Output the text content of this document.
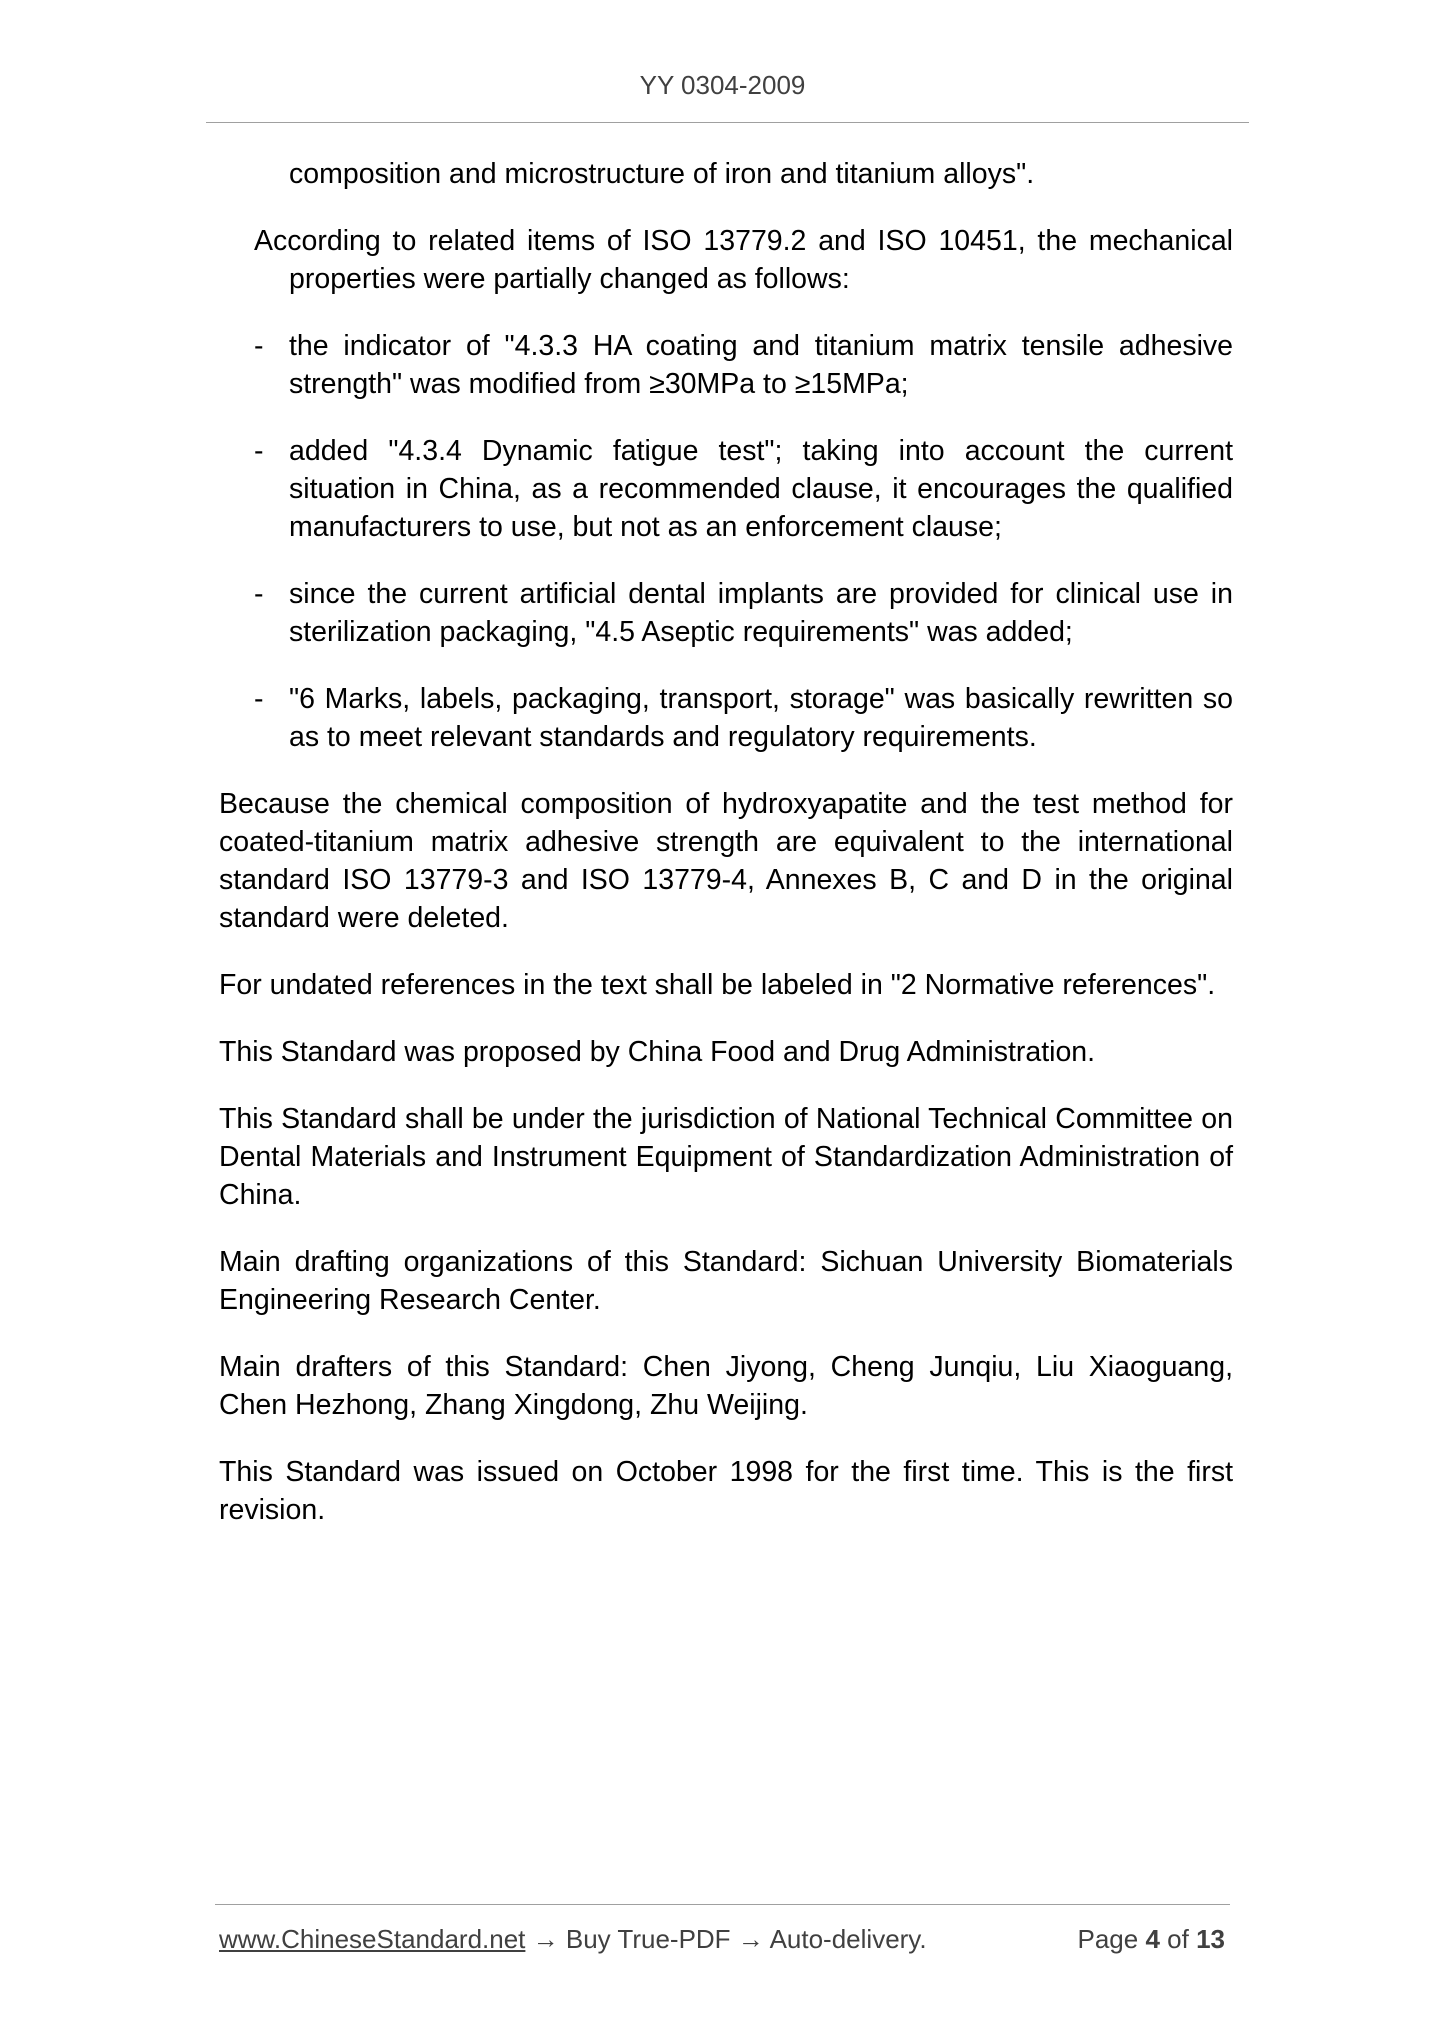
YY 0304-2009

composition and microstructure of iron and titanium alloys".

According to related items of ISO 13779.2 and ISO 10451, the mechanical properties were partially changed as follows:

- the indicator of "4.3.3 HA coating and titanium matrix tensile adhesive strength" was modified from ≥30MPa to ≥15MPa;

- added "4.3.4 Dynamic fatigue test"; taking into account the current situation in China, as a recommended clause, it encourages the qualified manufacturers to use, but not as an enforcement clause;

- since the current artificial dental implants are provided for clinical use in sterilization packaging, "4.5 Aseptic requirements" was added;

- "6 Marks, labels, packaging, transport, storage" was basically rewritten so as to meet relevant standards and regulatory requirements.

Because the chemical composition of hydroxyapatite and the test method for coated-titanium matrix adhesive strength are equivalent to the international standard ISO 13779-3 and ISO 13779-4, Annexes B, C and D in the original standard were deleted.

For undated references in the text shall be labeled in "2 Normative references".

This Standard was proposed by China Food and Drug Administration.

This Standard shall be under the jurisdiction of National Technical Committee on Dental Materials and Instrument Equipment of Standardization Administration of China.

Main drafting organizations of this Standard: Sichuan University Biomaterials Engineering Research Center.

Main drafters of this Standard: Chen Jiyong, Cheng Junqiu, Liu Xiaoguang, Chen Hezhong, Zhang Xingdong, Zhu Weijing.

This Standard was issued on October 1998 for the first time. This is the first revision.

www.ChineseStandard.net → Buy True-PDF → Auto-delivery.	Page 4 of 13
